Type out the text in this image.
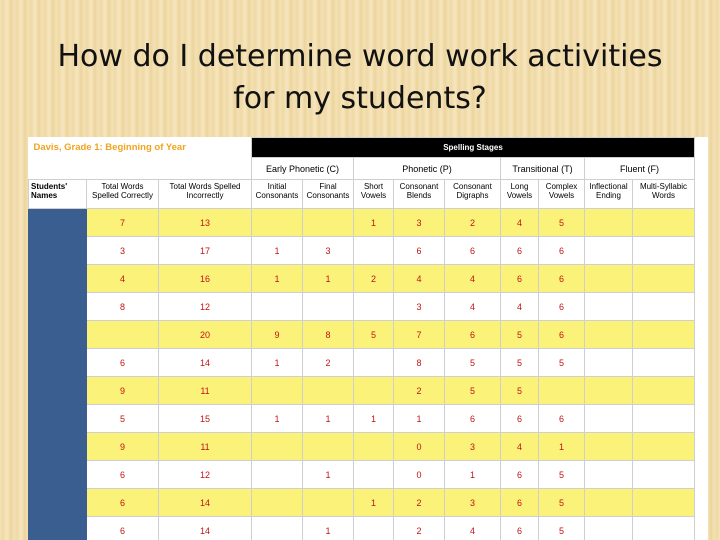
How do I determine word work activities
for my students?
Davis, Grade 1: Beginning of Year			Spelling Stages								
			Early Phonetic (C)		Phonetic (P)			Transitional (T)		Fluent (F)	
Students' Names	Total Words Spelled Correctly	Total Words Spelled Incorrectly	Initial Consonants	Final Consonants	Short Vowels	Consonant Blends	Consonant Digraphs	Long Vowels	Complex Vowels	Inflectional Ending	Multi-Syllabic Words
	7	13			1	3	2	4	5		
	3	17	1	3		6	6	6	6		
	4	16	1	1	2	4	4	6	6		
	8	12				3	4	4	6		
		20	9	8	5	7	6	5	6		
	6	14	1	2		8	5	5	5		
	9	11				2	5	5			
	5	15	1	1	1	1	6	6	6		
	9	11				0	3	4	1		
	6	12		1		0	1	6	5		
	6	14			1	2	3	6	5		
	6	14		1		2	4	6	5		
